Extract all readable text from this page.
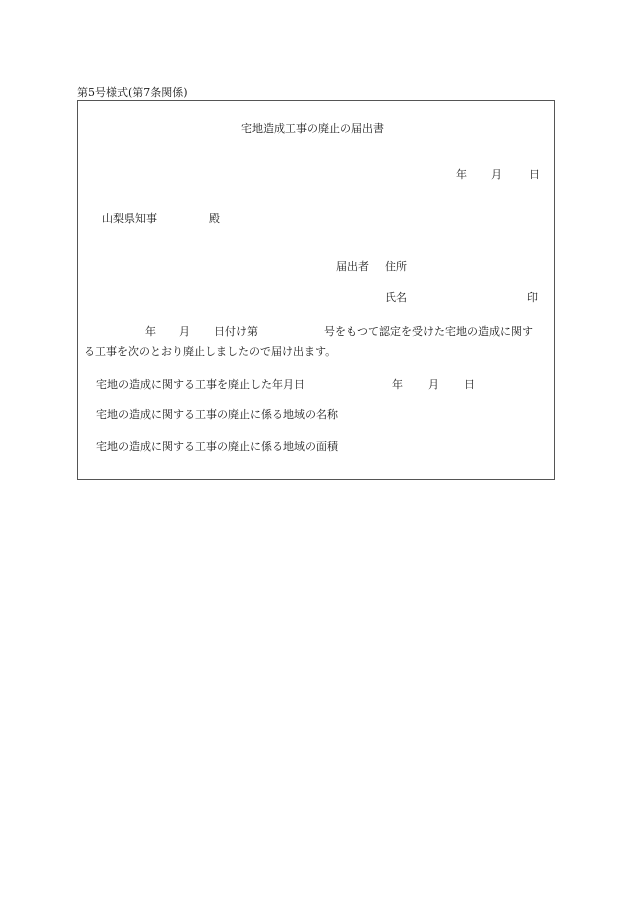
第5号様式(第7条関係)
宅地造成工事の廃止の届出書
年 月 日
山梨県知事	殿
届出者 住所
氏名	印
年 月 日付け第	号をもつて認定を受けた宅地の造成に関す
る工事を次のとおり廃止しましたので届け出ます。
宅地の造成に関する工事を廃止した年月日	年 月 日
宅地の造成に関する工事の廃止に係る地域の名称
宅地の造成に関する工事の廃止に係る地域の面積
